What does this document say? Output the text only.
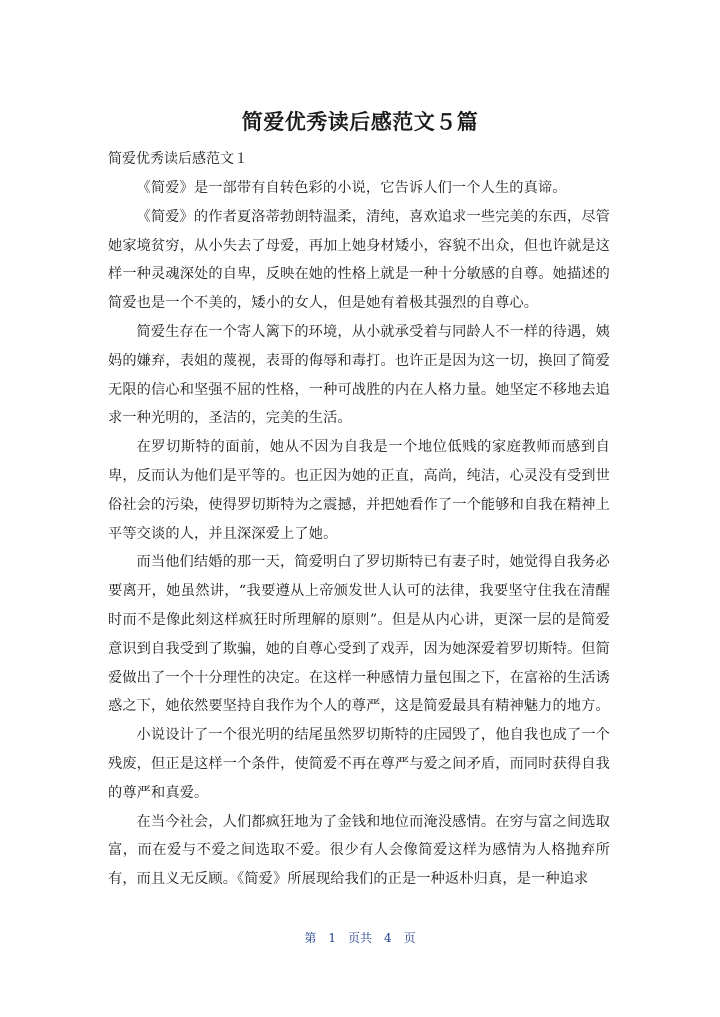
简爱优秀读后感范文５篇

简爱优秀读后感范文１

《简爱》是一部带有自转色彩的小说，它告诉人们一个人生的真谛。

《简爱》的作者夏洛蒂勃朗特温柔，清纯，喜欢追求一些完美的东西，尽管她家境贫穷，从小失去了母爱，再加上她身材矮小，容貌不出众，但也许就是这样一种灵魂深处的自卑，反映在她的性格上就是一种十分敏感的自尊。她描述的简爱也是一个不美的，矮小的女人，但是她有着极其强烈的自尊心。

简爱生存在一个寄人篱下的环境，从小就承受着与同龄人不一样的待遇，姨妈的嫌弃，表姐的蔑视，表哥的侮辱和毒打。也许正是因为这一切，换回了简爱无限的信心和坚强不屈的性格，一种可战胜的内在人格力量。她坚定不移地去追求一种光明的，圣洁的，完美的生活。

在罗切斯特的面前，她从不因为自我是一个地位低贱的家庭教师而感到自卑，反而认为他们是平等的。也正因为她的正直，高尚，纯洁，心灵没有受到世俗社会的污染，使得罗切斯特为之震撼，并把她看作了一个能够和自我在精神上平等交谈的人，并且深深爱上了她。

而当他们结婚的那一天，简爱明白了罗切斯特已有妻子时，她觉得自我务必要离开，她虽然讲，“我要遵从上帝颁发世人认可的法律，我要坚守住我在清醒时而不是像此刻这样疯狂时所理解的原则”。但是从内心讲，更深一层的是简爱意识到自我受到了欺骗，她的自尊心受到了戏弄，因为她深爱着罗切斯特。但简爱做出了一个十分理性的决定。在这样一种感情力量包围之下，在富裕的生活诱惑之下，她依然要坚持自我作为个人的尊严，这是简爱最具有精神魅力的地方。

小说设计了一个很光明的结尾虽然罗切斯特的庄园毁了，他自我也成了一个残废，但正是这样一个条件，使简爱不再在尊严与爱之间矛盾，而同时获得自我的尊严和真爱。

在当今社会，人们都疯狂地为了金钱和地位而淹没感情。在穷与富之间选取富，而在爱与不爱之间选取不爱。很少有人会像简爱这样为感情为人格抛弃所有，而且义无反顾。《简爱》所展现给我们的正是一种返朴归真，是一种追求

第 1 页共 4 页
